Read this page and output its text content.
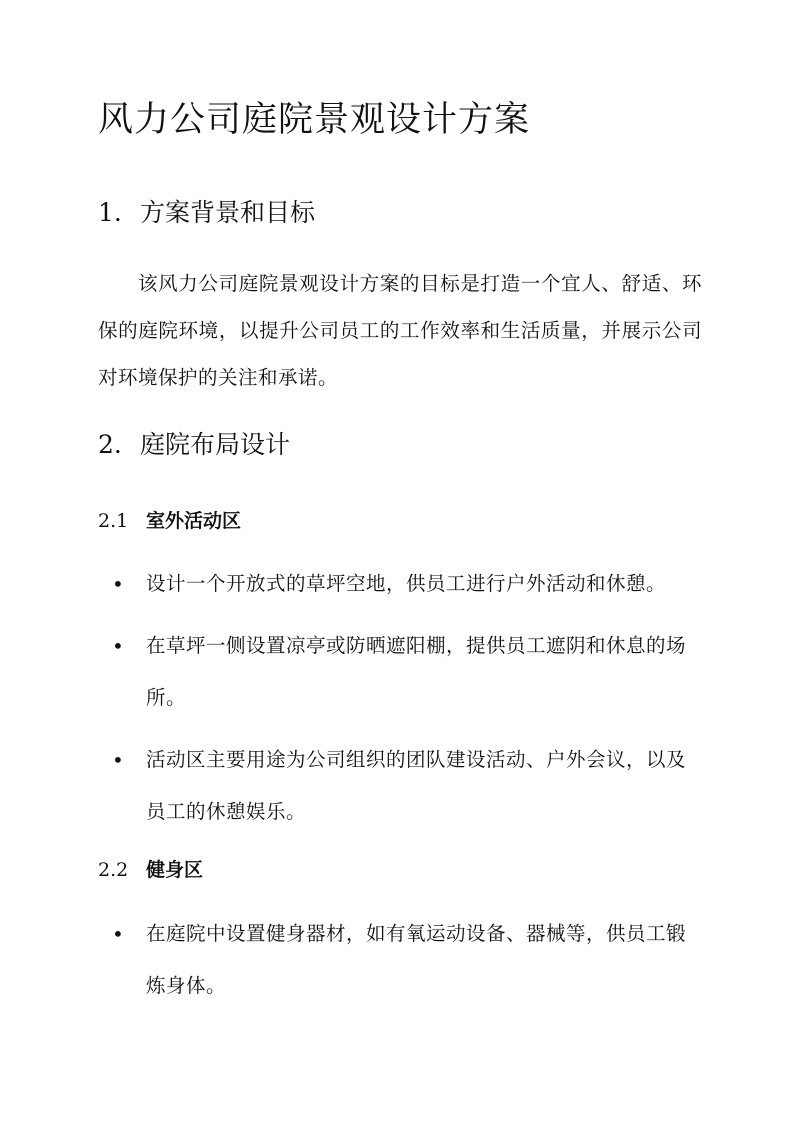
风力公司庭院景观设计方案
1. 方案背景和目标

该风力公司庭院景观设计方案的目标是打造一个宜人、舒适、环保的庭院环境，以提升公司员工的工作效率和生活质量，并展示公司对环境保护的关注和承诺。

2. 庭院布局设计
2.1 室外活动区
•	设计一个开放式的草坪空地，供员工进行户外活动和休憩。

•	在草坪一侧设置凉亭或防晒遮阳棚，提供员工遮阴和休息的场所。

•	活动区主要用途为公司组织的团队建设活动、户外会议，以及员工的休憩娱乐。

2.2 健身区
•	在庭院中设置健身器材，如有氧运动设备、器械等，供员工锻炼身体。
